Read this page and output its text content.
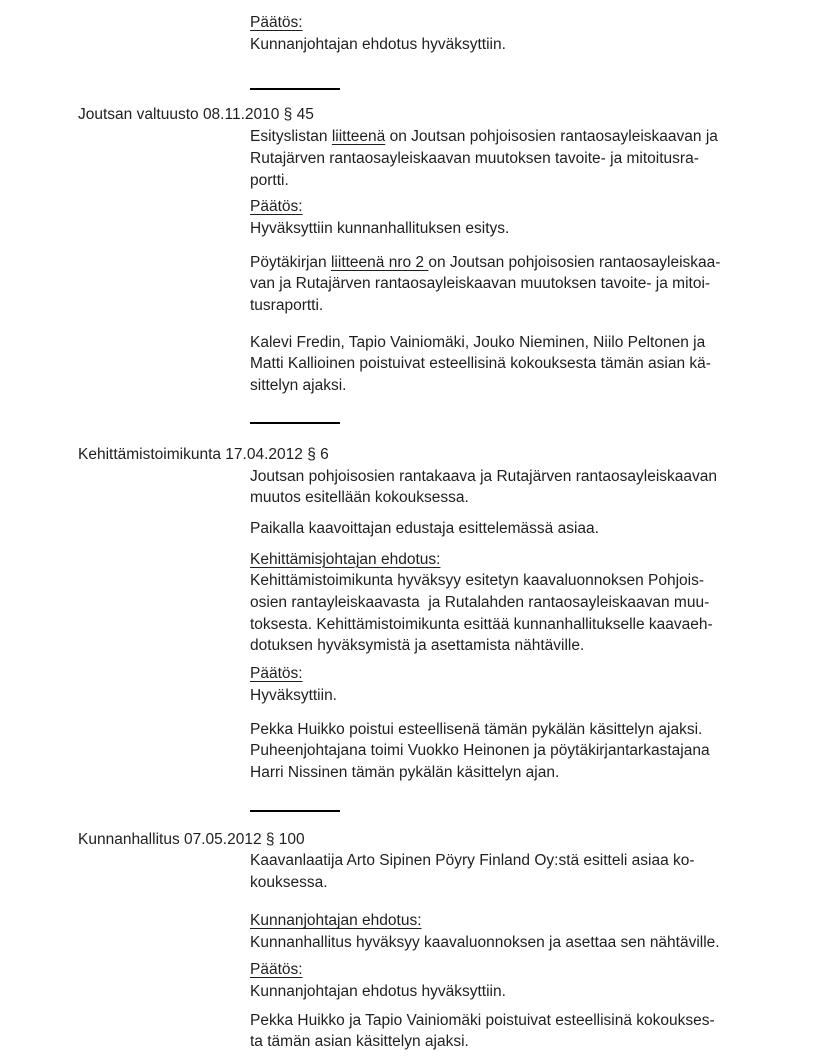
Päätös:
Kunnanjohtajan ehdotus hyväksyttiin.
Joutsan valtuusto 08.11.2010 § 45
Esityslistan liitteenä on Joutsan pohjoisosien rantaosayleiskaavan ja
Rutajärven rantaosayleiskaavan muutoksen tavoite- ja mitoitusra-
portti.
Päätös:
Hyväksyttiin kunnanhallituksen esitys.
Pöytäkirjan liitteenä nro 2 on Joutsan pohjoisosien rantaosayleiskaa-
van ja Rutajärven rantaosayleiskaavan muutoksen tavoite- ja mitoi-
tusraportti.
Kalevi Fredin, Tapio Vainiomäki, Jouko Nieminen, Niilo Peltonen ja
Matti Kallioinen poistuivat esteellisinä kokouksesta tämän asian kä-
sittelyn ajaksi.
Kehittämistoimikunta 17.04.2012 § 6
Joutsan pohjoisosien rantakaava ja Rutajärven rantaosayleiskaavan
muutos esitellään kokouksessa.
Paikalla kaavoittajan edustaja esittelemässä asiaa.
Kehittämisjohtajan ehdotus:
Kehittämistoimikunta hyväksyy esitetyn kaavaluonnoksen Pohjois-
osien rantayleiskaavasta  ja Rutalahden rantaosayleiskaavan muu-
toksesta. Kehittämistoimikunta esittää kunnanhallitukselle kaavaeh-
dotuksen hyväksymistä ja asettamista nähtäville.
Päätös:
Hyväksyttiin.
Pekka Huikko poistui esteellisenä tämän pykälän käsittelyn ajaksi.
Puheenjohtajana toimi Vuokko Heinonen ja pöytäkirjantarkastajana
Harri Nissinen tämän pykälän käsittelyn ajan.
Kunnanhallitus 07.05.2012 § 100
Kaavanlaatija Arto Sipinen Pöyry Finland Oy:stä esitteli asiaa ko-
kouksessa.
Kunnanjohtajan ehdotus:
Kunnanhallitus hyväksyy kaavaluonnoksen ja asettaa sen nähtäville.
Päätös:
Kunnanjohtajan ehdotus hyväksyttiin.
Pekka Huikko ja Tapio Vainiomäki poistuivat esteellisinä kokoukses-
ta tämän asian käsittelyn ajaksi.
